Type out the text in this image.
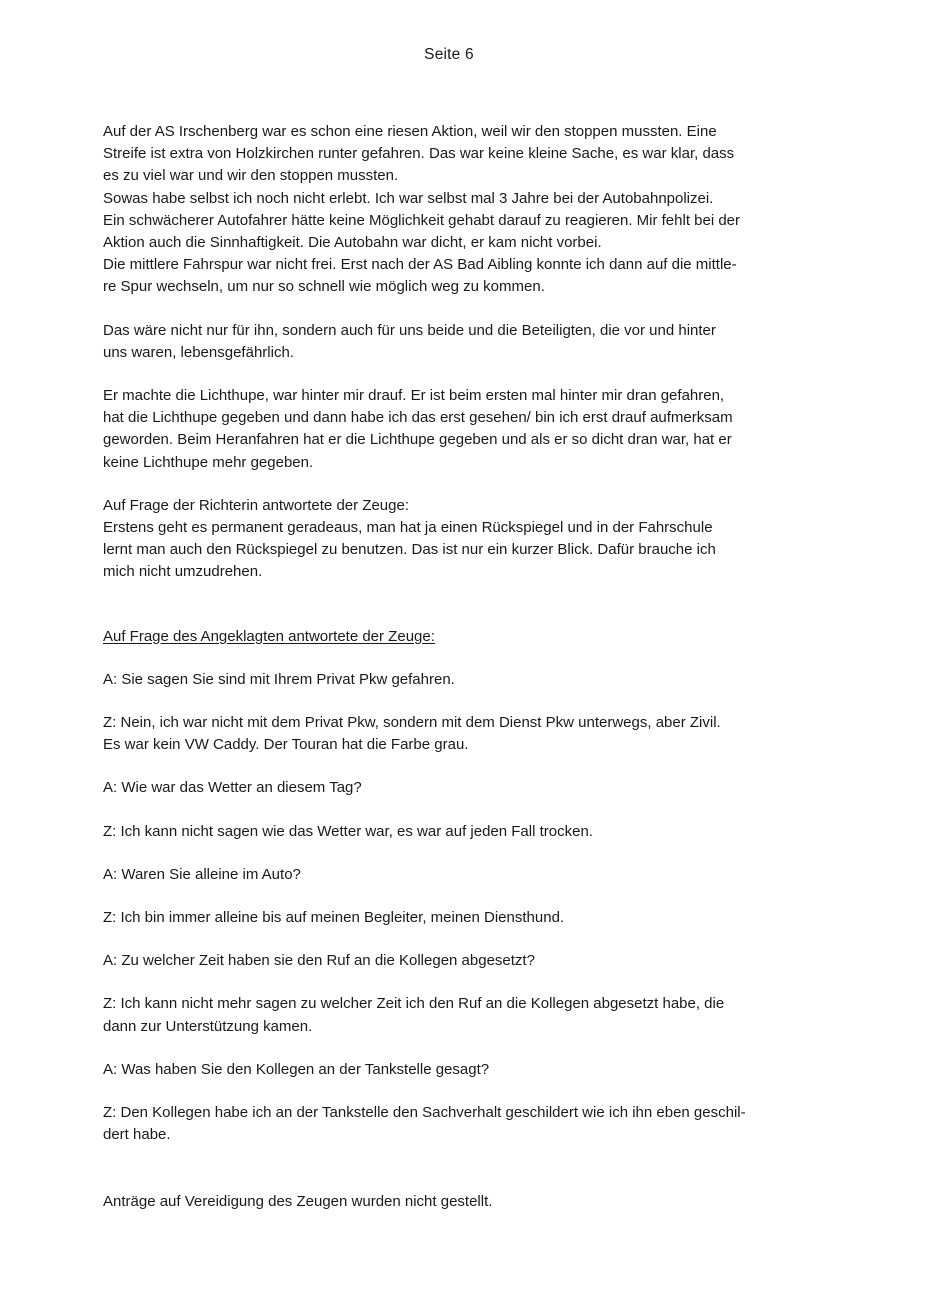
Seite 6
Auf der AS Irschenberg war es schon eine riesen Aktion, weil wir den stoppen mussten. Eine
Streife ist extra von Holzkirchen runter gefahren. Das war keine kleine Sache, es war klar, dass
es zu viel war und wir den stoppen mussten.
Sowas habe selbst ich noch nicht erlebt. Ich war selbst mal 3 Jahre bei der Autobahnpolizei.
Ein schwächerer Autofahrer hätte keine Möglichkeit gehabt darauf zu reagieren. Mir fehlt bei der
Aktion auch die Sinnhaftigkeit. Die Autobahn war dicht, er kam nicht vorbei.
Die mittlere Fahrspur war nicht frei. Erst nach der AS Bad Aibling konnte ich dann auf die mittle-
re Spur wechseln, um nur so schnell wie möglich weg zu kommen.
Das wäre nicht nur für ihn, sondern auch für uns beide und die Beteiligten, die vor und hinter
uns waren, lebensgefährlich.
Er machte die Lichthupe, war hinter mir drauf. Er ist beim ersten mal hinter mir dran gefahren,
hat die Lichthupe gegeben und dann habe ich das erst gesehen/ bin ich erst drauf aufmerksam
geworden. Beim Heranfahren hat er die Lichthupe gegeben und als er so dicht dran war, hat er
keine Lichthupe mehr gegeben.
Auf Frage der Richterin antwortete der Zeuge:
Erstens geht es permanent geradeaus, man hat ja einen Rückspiegel und in der Fahrschule
lernt man auch den Rückspiegel zu benutzen. Das ist nur ein kurzer Blick. Dafür brauche ich
mich nicht umzudrehen.
Auf Frage des Angeklagten antwortete der Zeuge:
A: Sie sagen Sie sind mit Ihrem Privat Pkw gefahren.
Z: Nein, ich war nicht mit dem Privat Pkw, sondern mit dem Dienst Pkw unterwegs, aber Zivil.
Es war kein VW Caddy. Der Touran hat die Farbe grau.
A: Wie war das Wetter an diesem Tag?
Z: Ich kann nicht sagen wie das Wetter war, es war auf jeden Fall trocken.
A: Waren Sie alleine im Auto?
Z: Ich bin immer alleine bis auf meinen Begleiter, meinen Diensthund.
A: Zu welcher Zeit haben sie den Ruf an die Kollegen abgesetzt?
Z: Ich kann nicht mehr sagen zu welcher Zeit ich den Ruf an die Kollegen abgesetzt habe, die
dann zur Unterstützung kamen.
A: Was haben Sie den Kollegen an der Tankstelle gesagt?
Z: Den Kollegen habe ich an der Tankstelle den Sachverhalt geschildert wie ich ihn eben geschil-
dert habe.
Anträge auf Vereidigung des Zeugen wurden nicht gestellt.
